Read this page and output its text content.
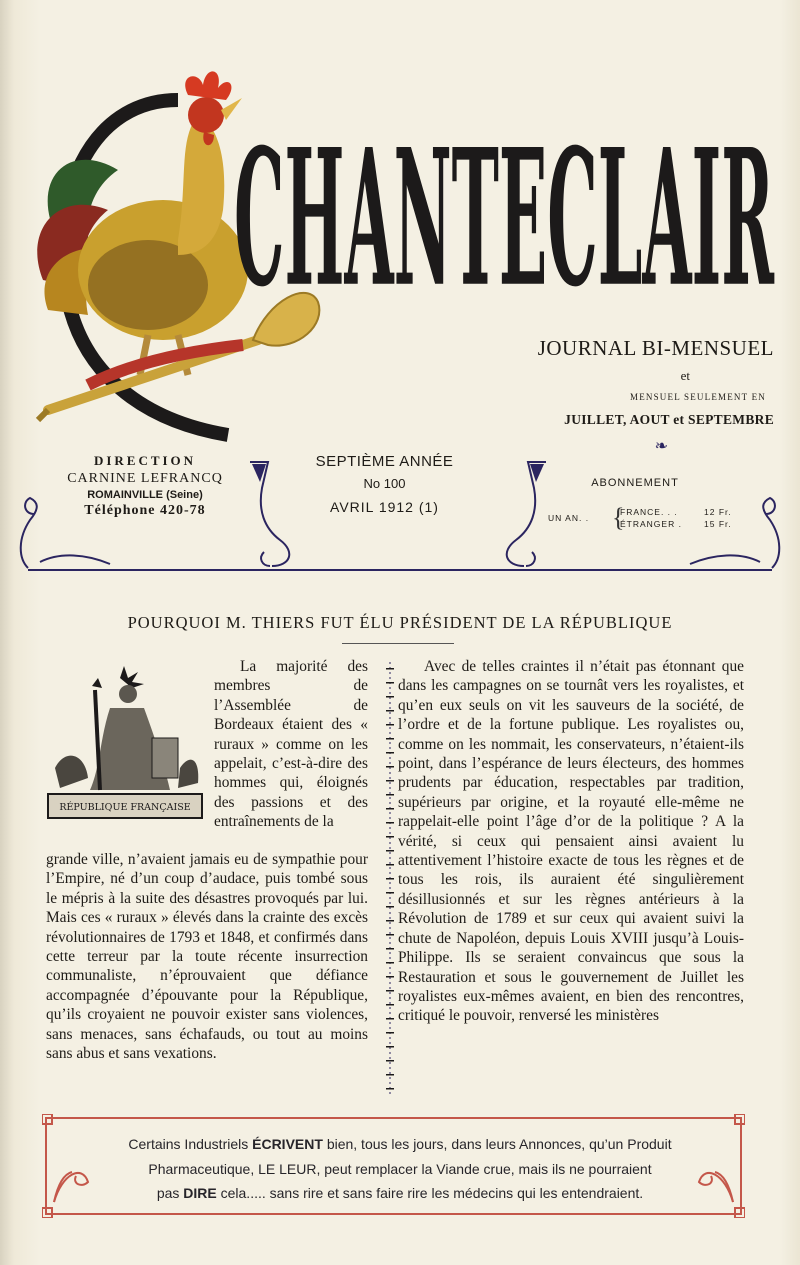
CHANTECLAIR
JOURNAL BI-MENSUEL
et
MENSUEL SEULEMENT EN
JUILLET, AOUT et SEPTEMBRE
❧
DIRECTION
CARNINE LEFRANCQ
ROMAINVILLE (Seine)
Téléphone 420-78
SEPTIÈME ANNÉE
No 100
AVRIL 1912 (1)
ABONNEMENT
UN AN. .
FRANCE. . .	12 Fr.
ÉTRANGER .	15 Fr.
{
POURQUOI M. THIERS FUT ÉLU PRÉSIDENT DE LA RÉPUBLIQUE
RÉPUBLIQUE FRANÇAISE

La majorité des membres de l’Assemblée de Bordeaux étaient des « ruraux » comme on les appelait, c’est-à-dire des hommes qui, éloignés des passions et des entraînements de la

grande ville, n’avaient jamais eu de sympathie pour l’Empire, né d’un coup d’audace, puis tombé sous le mépris à la suite des désastres provoqués par lui. Mais ces « ruraux » élevés dans la crainte des excès révolutionnaires de 1793 et 1848, et confirmés dans cette terreur par la toute récente insurrection communaliste, n’éprouvaient que défiance accompagnée d’épouvante pour la République, qu’ils croyaient ne pouvoir exister sans violences, sans menaces, sans échafauds, ou tout au moins sans abus et sans vexations.

Avec de telles craintes il n’était pas étonnant que dans les campagnes on se tournât vers les royalistes, et qu’en eux seuls on vit les sauveurs de la société, de l’ordre et de la fortune publique. Les royalistes ou, comme on les nommait, les conservateurs, n’étaient-ils point, dans l’espérance de leurs électeurs, des hommes prudents par éducation, respectables par tradition, supérieurs par origine, et la royauté elle-même ne rappelait-elle point l’âge d’or de la politique ? A la vérité, si ceux qui pensaient ainsi avaient lu attentivement l’histoire exacte de tous les règnes et de tous les rois, ils auraient été singulièrement désillusionnés et sur les règnes antérieurs à la Révolution de 1789 et sur ceux qui avaient suivi la chute de Napoléon, depuis Louis XVIII jusqu’à Louis-Philippe. Ils se seraient convaincus que sous la Restauration et sous le gouvernement de Juillet les royalistes eux-mêmes avaient, en bien des rencontres, critiqué le pouvoir, renversé les ministères

Certains Industriels ÉCRIVENT bien, tous les jours, dans leurs Annonces, qu’un Produit
Pharmaceutique, LE LEUR, peut remplacer la Viande crue, mais ils ne pourraient
pas DIRE cela..... sans rire et sans faire rire les médecins qui les entendraient.
